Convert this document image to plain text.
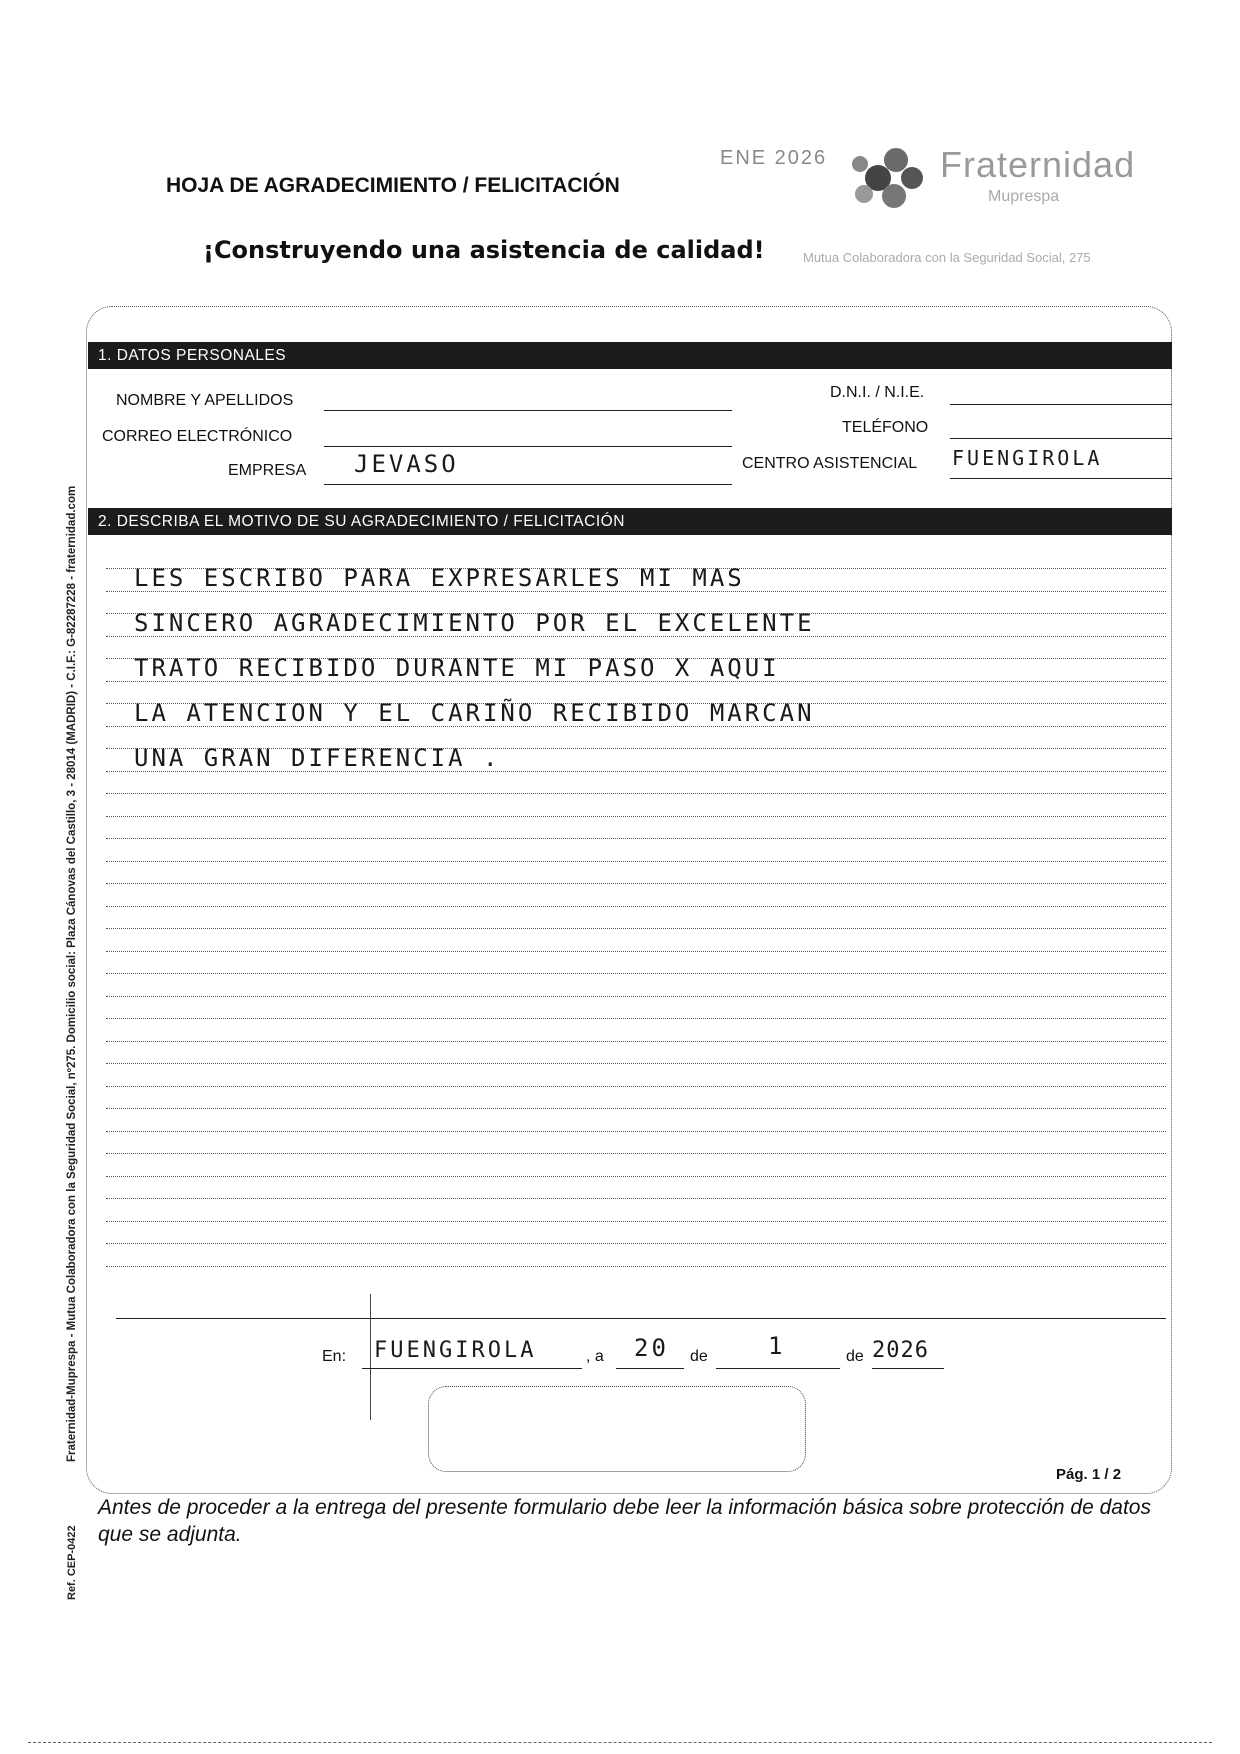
HOJA DE AGRADECIMIENTO / FELICITACIÓN
¡Construyendo una asistencia de calidad!
ENE 2026	Fraternidad
Muprespa
Mutua Colaboradora con la Seguridad Social, 275
Fraternidad-Muprespa - Mutua Colaboradora con la Seguridad Social, nº275. Domicilio social: Plaza Cánovas del Castillo, 3 - 28014 (MADRID) - C.I.F.: G-82287228 - fraternidad.com
Ref. CEP-0422
1. DATOS PERSONALES
NOMBRE Y APELLIDOS	D.N.I. / N.I.E.
CORREO ELECTRÓNICO
TELÉFONO
EMPRESA JEVASO	CENTRO ASISTENCIAL FUENGIROLA
2. DESCRIBA EL MOTIVO DE SU AGRADECIMIENTO / FELICITACIÓN
LES ESCRIBO PARA EXPRESARLES MI MAS
SINCERO AGRADECIMIENTO POR EL EXCELENTE
TRATO RECIBIDO DURANTE MI PASO X AQUI
LA ATENCION Y EL CARIÑO RECIBIDO MARCAN
UNA GRAN DIFERENCIA .
En: FUENGIROLA	, a 20 de	1	de 2026
Pág. 1 / 2
Antes de proceder a la entrega del presente formulario debe leer la información básica sobre protección de datos que se adjunta.
